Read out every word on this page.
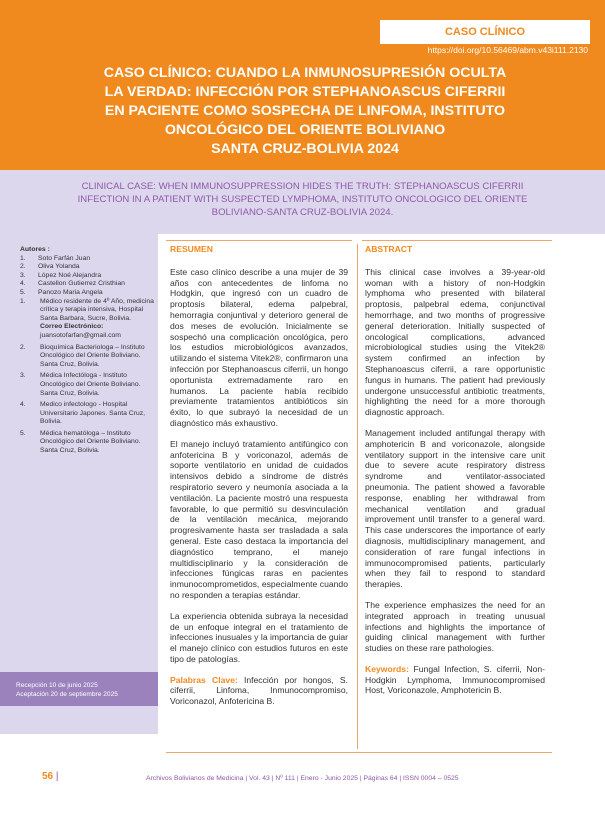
CASO CLÍNICO
https://doi.org/10.56469/abm.v43i111.2130
CASO CLÍNICO: CUANDO LA INMUNOSUPRESIÓN OCULTA
LA VERDAD: INFECCIÓN POR STEPHANOASCUS CIFERRII
EN PACIENTE COMO SOSPECHA DE LINFOMA, INSTITUTO
ONCOLÓGICO DEL ORIENTE BOLIVIANO
SANTA CRUZ-BOLIVIA 2024
CLINICAL CASE: WHEN IMMUNOSUPPRESSION HIDES THE TRUTH: STEPHANOASCUS CIFERRII
INFECTION IN A PATIENT WITH SUSPECTED LYMPHOMA, INSTITUTO ONCOLOGICO DEL ORIENTE
BOLIVIANO-SANTA CRUZ-BOLIVIA 2024.
Autores :
1.	Soto Farfán Juan
2.	Oliva Yolanda
3.	López Noé Alejandra
4.	Castellon Gutierrez Cristhian
5.	Panozo Maria Angela
1.	Médico residente de 4º Año, medicina crítica y terapia intensiva, Hospital Santa Barbara, Sucre, Bolivia.
Correo Electrónico: juansotofarfan@gmail.com
2.	Bioquímica Bacteriologa – Instituto Oncológico del Oriente Boliviano. Santa Cruz, Bolivia.
3.	Médica Infectóloga - Instituto Oncológico del Oriente Boliviano. Santa Cruz, Bolivia.
4.	Medico infectologo - Hospital Universitario Japones. Santa Cruz, Bolivia.
5.	Médica hematóloga – Instituto Oncológico del Oriente Boliviano. Santa Cruz, Bolivia.
Recepción 10 de junio 2025
Aceptación 20 de septiembre 2025
RESUMEN

Este caso clínico describe a una mujer de 39 años con antecedentes de linfoma no Hodgkin, que ingresó con un cuadro de proptosis bilateral, edema palpebral, hemorragia conjuntival y deterioro general de dos meses de evolución. Inicialmente se sospechó una complicación oncológica, pero los estudios microbiológicos avanzados, utilizando el sistema Vitek2®, confirmaron una infección por Stephanoascus ciferrii, un hongo oportunista extremadamente raro en humanos. La paciente había recibido previamente tratamientos antibióticos sin éxito, lo que subrayó la necesidad de un diagnóstico más exhaustivo.

El manejo incluyó tratamiento antifúngico con anfotericina B y voriconazol, además de soporte ventilatorio en unidad de cuidados intensivos debido a síndrome de distrés respiratorio severo y neumonía asociada a la ventilación. La paciente mostró una respuesta favorable, lo que permitió su desvinculación de la ventilación mecánica, mejorando progresivamente hasta ser trasladada a sala general. Este caso destaca la importancia del diagnóstico temprano, el manejo multidisciplinario y la consideración de infecciones fúngicas raras en pacientes inmunocomprometidos, especialmente cuando no responden a terapias estándar.

La experiencia obtenida subraya la necesidad de un enfoque integral en el tratamiento de infecciones inusuales y la importancia de guiar el manejo clínico con estudios futuros en este tipo de patologías.

Palabras Clave: Infección por hongos, S. ciferrii, Linfoma, Inmunocompromiso, Voriconazol, Anfotericina B.

ABSTRACT

This clinical case involves a 39-year-old woman with a history of non-Hodgkin lymphoma who presented with bilateral proptosis, palpebral edema, conjunctival hemorrhage, and two months of progressive general deterioration. Initially suspected of oncological complications, advanced microbiological studies using the Vitek2® system confirmed an infection by Stephanoascus ciferrii, a rare opportunistic fungus in humans. The patient had previously undergone unsuccessful antibiotic treatments, highlighting the need for a more thorough diagnostic approach.

Management included antifungal therapy with amphotericin B and voriconazole, alongside ventilatory support in the intensive care unit due to severe acute respiratory distress syndrome and ventilator-associated pneumonia. The patient showed a favorable response, enabling her withdrawal from mechanical ventilation and gradual improvement until transfer to a general ward. This case underscores the importance of early diagnosis, multidisciplinary management, and consideration of rare fungal infections in immunocompromised patients, particularly when they fail to respond to standard therapies.

The experience emphasizes the need for an integrated approach in treating unusual infections and highlights the importance of guiding clinical management with further studies on these rare pathologies.

Keywords: Fungal Infection, S. ciferrii, Non-Hodgkin Lymphoma, Immunocompromised Host, Voriconazole, Amphotericin B.

56 |	Archivos Bolivianos de Medicina | Vol. 43 | Nº 111 | Enero - Junio 2025 | Páginas 64 | ISSN 0004 – 0525
